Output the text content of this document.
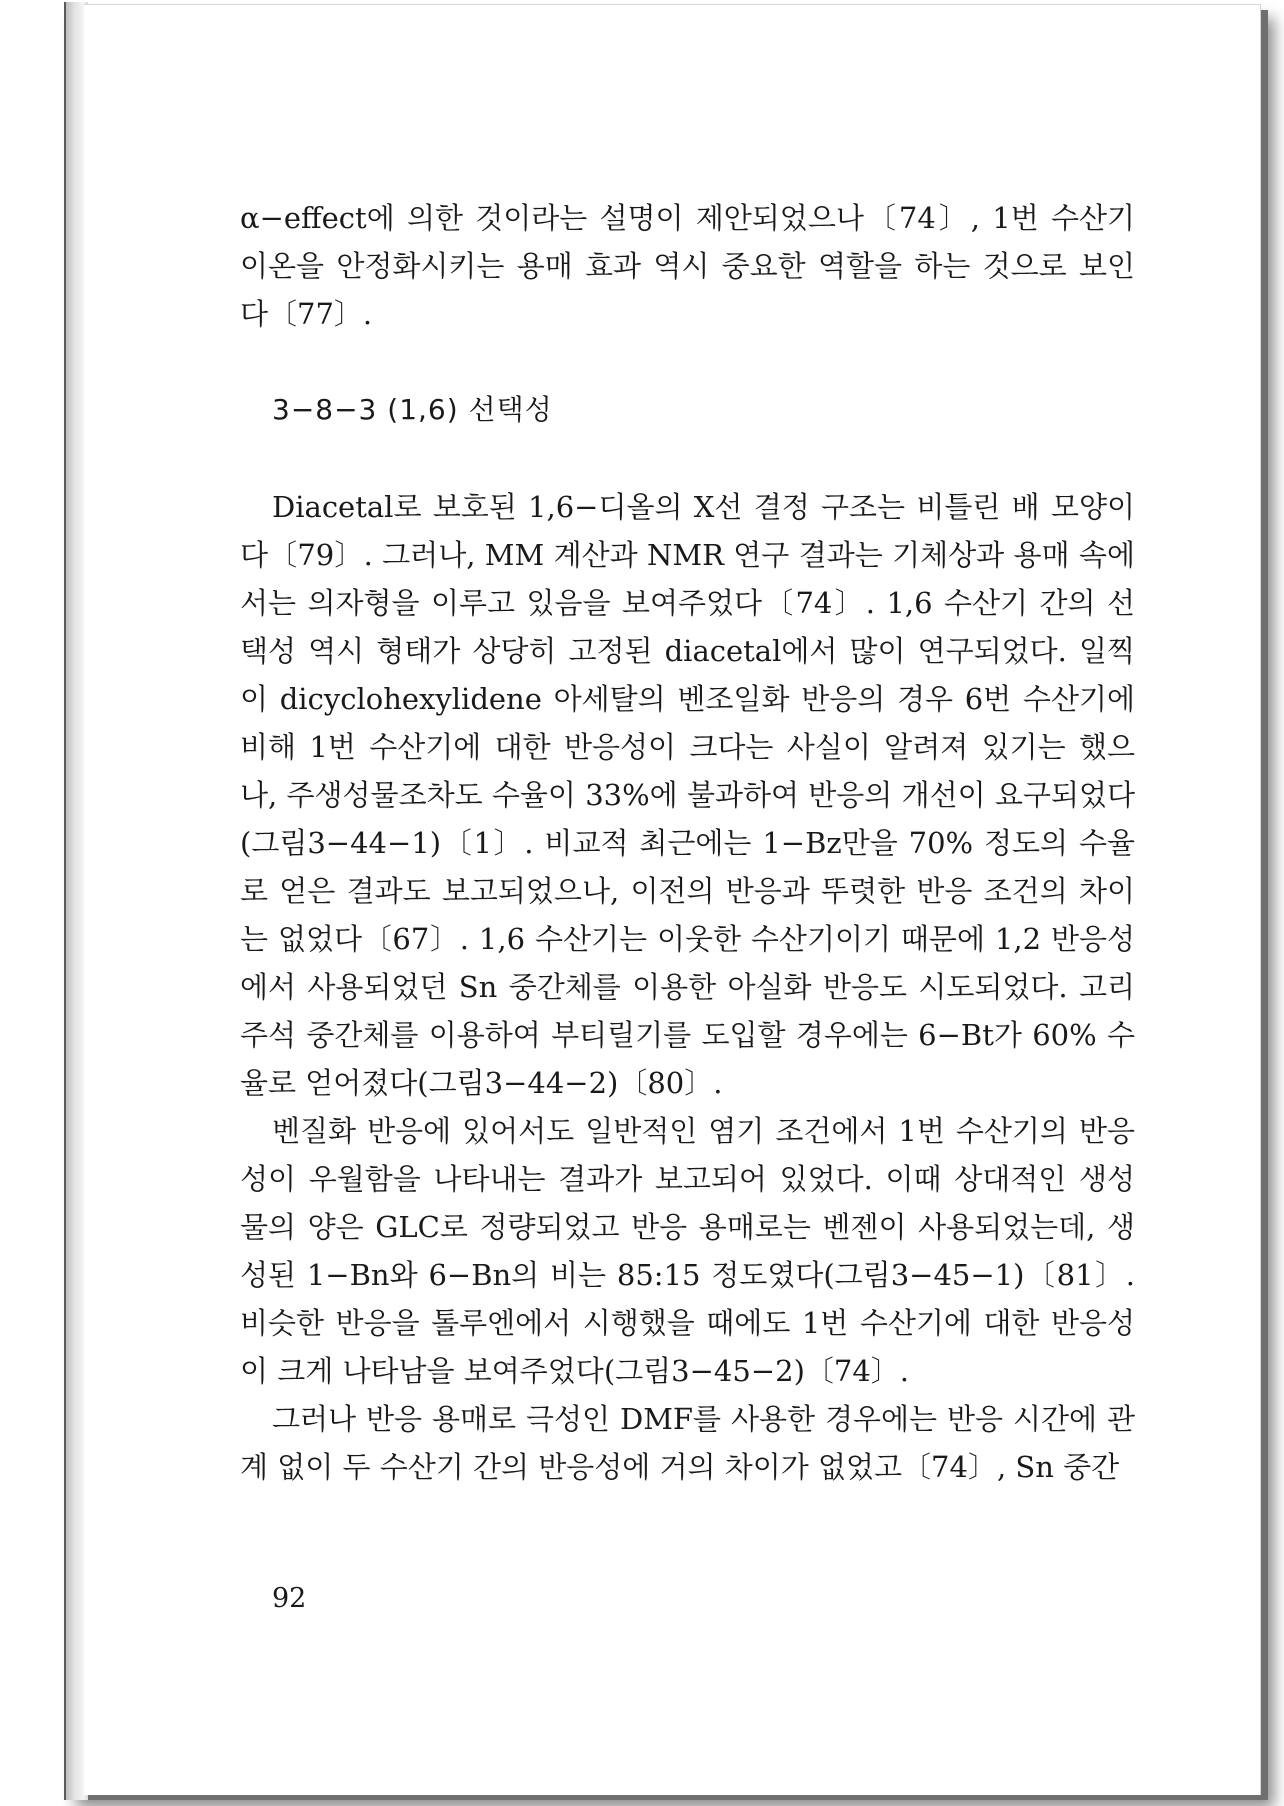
α−effect에 의한 것이라는 설명이 제안되었으나〔74〕, 1번 수산기 이온을 안정화시키는 용매 효과 역시 중요한 역할을 하는 것으로 보인다〔77〕.

3−8−3 (1,6) 선택성

Diacetal로 보호된 1,6−디올의 X선 결정 구조는 비틀린 배 모양이다〔79〕. 그러나, MM 계산과 NMR 연구 결과는 기체상과 용매 속에서는 의자형을 이루고 있음을 보여주었다〔74〕. 1,6 수산기 간의 선택성 역시 형태가 상당히 고정된 diacetal에서 많이 연구되었다. 일찍이 dicyclohexylidene 아세탈의 벤조일화 반응의 경우 6번 수산기에 비해 1번 수산기에 대한 반응성이 크다는 사실이 알려져 있기는 했으나, 주생성물조차도 수율이 33%에 불과하여 반응의 개선이 요구되었다(그림3−44−1)〔1〕. 비교적 최근에는 1−Bz만을 70% 정도의 수율로 얻은 결과도 보고되었으나, 이전의 반응과 뚜렷한 반응 조건의 차이는 없었다〔67〕. 1,6 수산기는 이웃한 수산기이기 때문에 1,2 반응성에서 사용되었던 Sn 중간체를 이용한 아실화 반응도 시도되었다. 고리 주석 중간체를 이용하여 부티릴기를 도입할 경우에는 6−Bt가 60% 수율로 얻어졌다(그림3−44−2)〔80〕.

벤질화 반응에 있어서도 일반적인 염기 조건에서 1번 수산기의 반응성이 우월함을 나타내는 결과가 보고되어 있었다. 이때 상대적인 생성물의 양은 GLC로 정량되었고 반응 용매로는 벤젠이 사용되었는데, 생성된 1−Bn와 6−Bn의 비는 85:15 정도였다(그림3−45−1)〔81〕. 비슷한 반응을 톨루엔에서 시행했을 때에도 1번 수산기에 대한 반응성이 크게 나타남을 보여주었다(그림3−45−2)〔74〕.

그러나 반응 용매로 극성인 DMF를 사용한 경우에는 반응 시간에 관계 없이 두 수산기 간의 반응성에 거의 차이가 없었고〔74〕, Sn 중간

92
